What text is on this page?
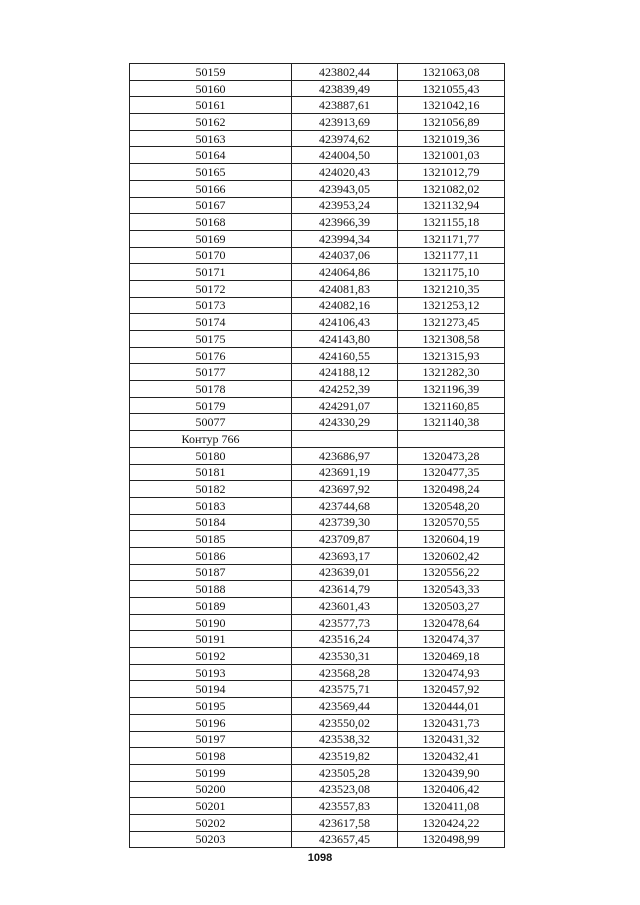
50159	423802,44	1321063,08
50160	423839,49	1321055,43
50161	423887,61	1321042,16
50162	423913,69	1321056,89
50163	423974,62	1321019,36
50164	424004,50	1321001,03
50165	424020,43	1321012,79
50166	423943,05	1321082,02
50167	423953,24	1321132,94
50168	423966,39	1321155,18
50169	423994,34	1321171,77
50170	424037,06	1321177,11
50171	424064,86	1321175,10
50172	424081,83	1321210,35
50173	424082,16	1321253,12
50174	424106,43	1321273,45
50175	424143,80	1321308,58
50176	424160,55	1321315,93
50177	424188,12	1321282,30
50178	424252,39	1321196,39
50179	424291,07	1321160,85
50077	424330,29	1321140,38
Контур 766		
50180	423686,97	1320473,28
50181	423691,19	1320477,35
50182	423697,92	1320498,24
50183	423744,68	1320548,20
50184	423739,30	1320570,55
50185	423709,87	1320604,19
50186	423693,17	1320602,42
50187	423639,01	1320556,22
50188	423614,79	1320543,33
50189	423601,43	1320503,27
50190	423577,73	1320478,64
50191	423516,24	1320474,37
50192	423530,31	1320469,18
50193	423568,28	1320474,93
50194	423575,71	1320457,92
50195	423569,44	1320444,01
50196	423550,02	1320431,73
50197	423538,32	1320431,32
50198	423519,82	1320432,41
50199	423505,28	1320439,90
50200	423523,08	1320406,42
50201	423557,83	1320411,08
50202	423617,58	1320424,22
50203	423657,45	1320498,99
1098
